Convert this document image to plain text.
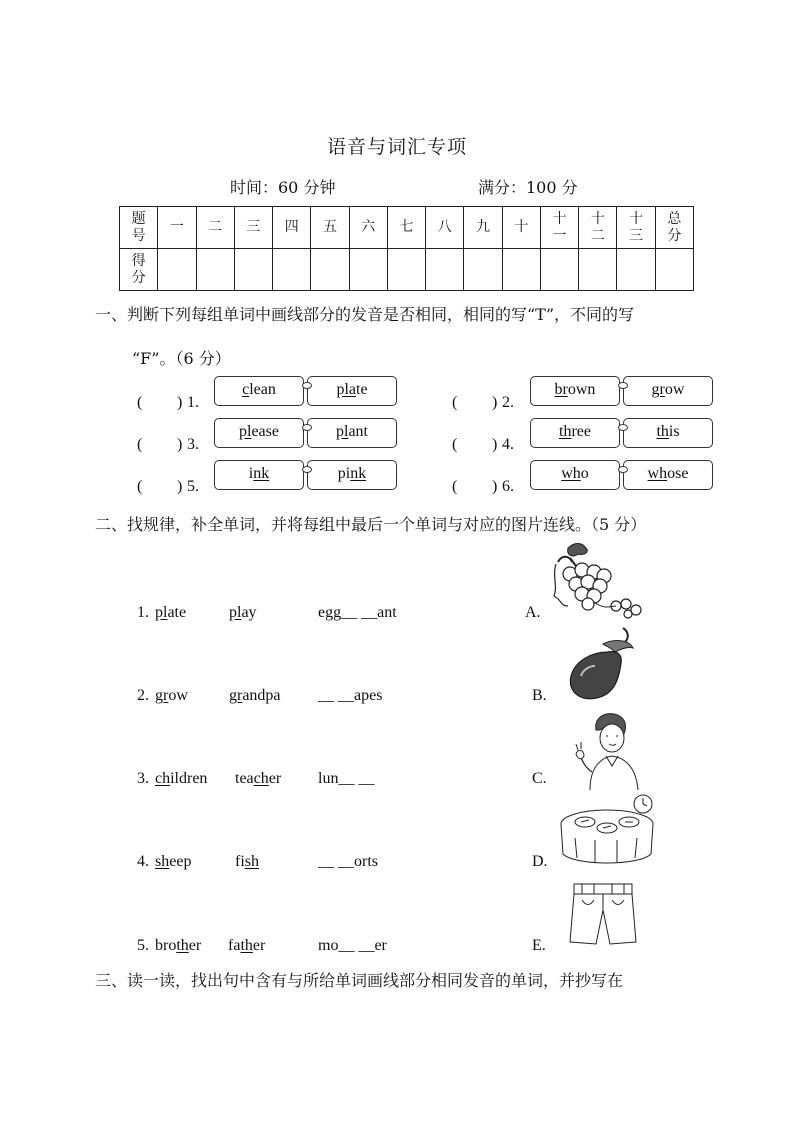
语音与词汇专项
时间：60 分钟	满分：100 分
题号	一	二	三	四	五	六	七	八	九	十	十一	十二	十三	总分
得分														
一、判断下列每组单词中画线部分的发音是否相同，相同的写“T”，不同的写
“F”。（6 分）
( ) 1.
clean	plate
( ) 2.
brown	grow
( ) 3.
please	plant
( ) 4.
three	this
( ) 5.
ink	pink
( ) 6.
who	whose
二、找规律，补全单词，并将每组中最后一个单词与对应的图片连线。（5 分）
1. plate	play	egg__ __ant	A.
2. grow	grandpa __ __apes	B.
3. children teacher lun__ __	C.
4. sheep	fish	__ __orts	D.
5. brother father	mo__ __er	E.
三、读一读，找出句中含有与所给单词画线部分相同发音的单词，并抄写在
